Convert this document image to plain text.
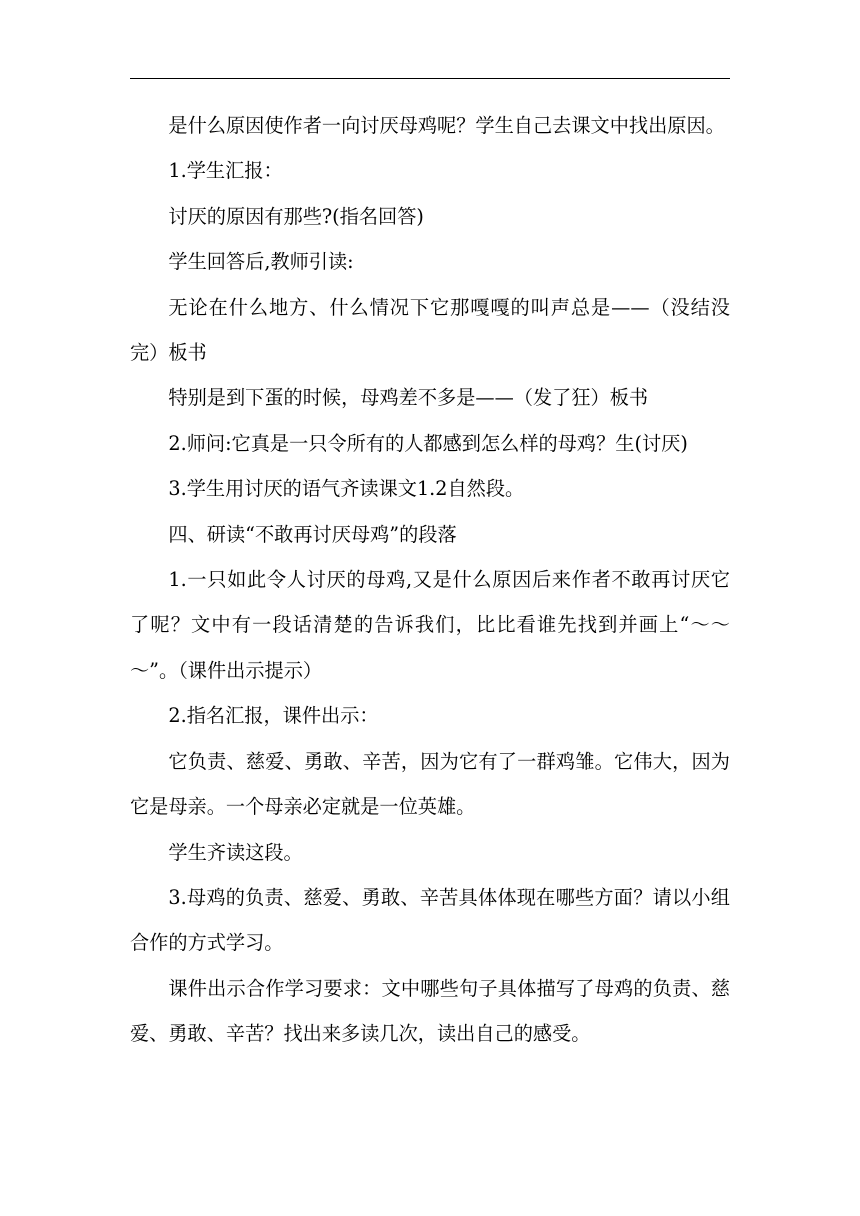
是什么原因使作者一向讨厌母鸡呢？学生自己去课文中找出原因。

1.学生汇报：

讨厌的原因有那些?(指名回答)

学生回答后,教师引读:

无论在什么地方、什么情况下它那嘎嘎的叫声总是——（没结没完）板书

特别是到下蛋的时候，母鸡差不多是——（发了狂）板书

2.师问:它真是一只令所有的人都感到怎么样的母鸡？生(讨厌)

3.学生用讨厌的语气齐读课文1.2自然段。

四、研读“不敢再讨厌母鸡”的段落

1.一只如此令人讨厌的母鸡,又是什么原因后来作者不敢再讨厌它了呢？文中有一段话清楚的告诉我们，比比看谁先找到并画上“～～～”。（课件出示提示）

2.指名汇报，课件出示：

它负责、慈爱、勇敢、辛苦，因为它有了一群鸡雏。它伟大，因为它是母亲。一个母亲必定就是一位英雄。

学生齐读这段。

3.母鸡的负责、慈爱、勇敢、辛苦具体体现在哪些方面？请以小组合作的方式学习。

课件出示合作学习要求：文中哪些句子具体描写了母鸡的负责、慈爱、勇敢、辛苦？找出来多读几次，读出自己的感受。
